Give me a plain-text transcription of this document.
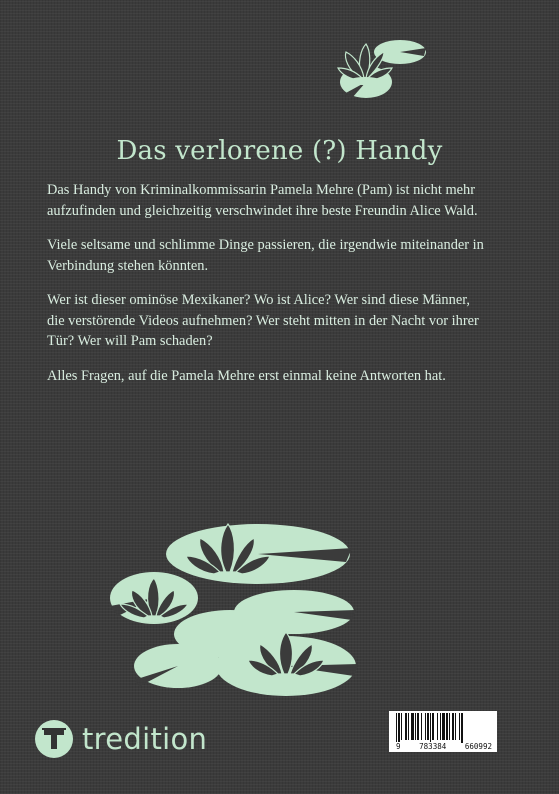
Das verlorene (?) Handy

Das Handy von Kriminalkommissarin Pamela Mehre (Pam) ist nicht mehr aufzufinden und gleichzeitig verschwindet ihre beste Freundin Alice Wald.

Viele seltsame und schlimme Dinge passieren, die irgendwie miteinander in Verbindung stehen könnten.

Wer ist dieser ominöse Mexikaner? Wo ist Alice? Wer sind diese Männer, die verstörende Videos aufnehmen? Wer steht mitten in der Nacht vor ihrer Tür? Wer will Pam schaden?

Alles Fragen, auf die Pamela Mehre erst einmal keine Antworten hat.

tredition	9 783384 660992
